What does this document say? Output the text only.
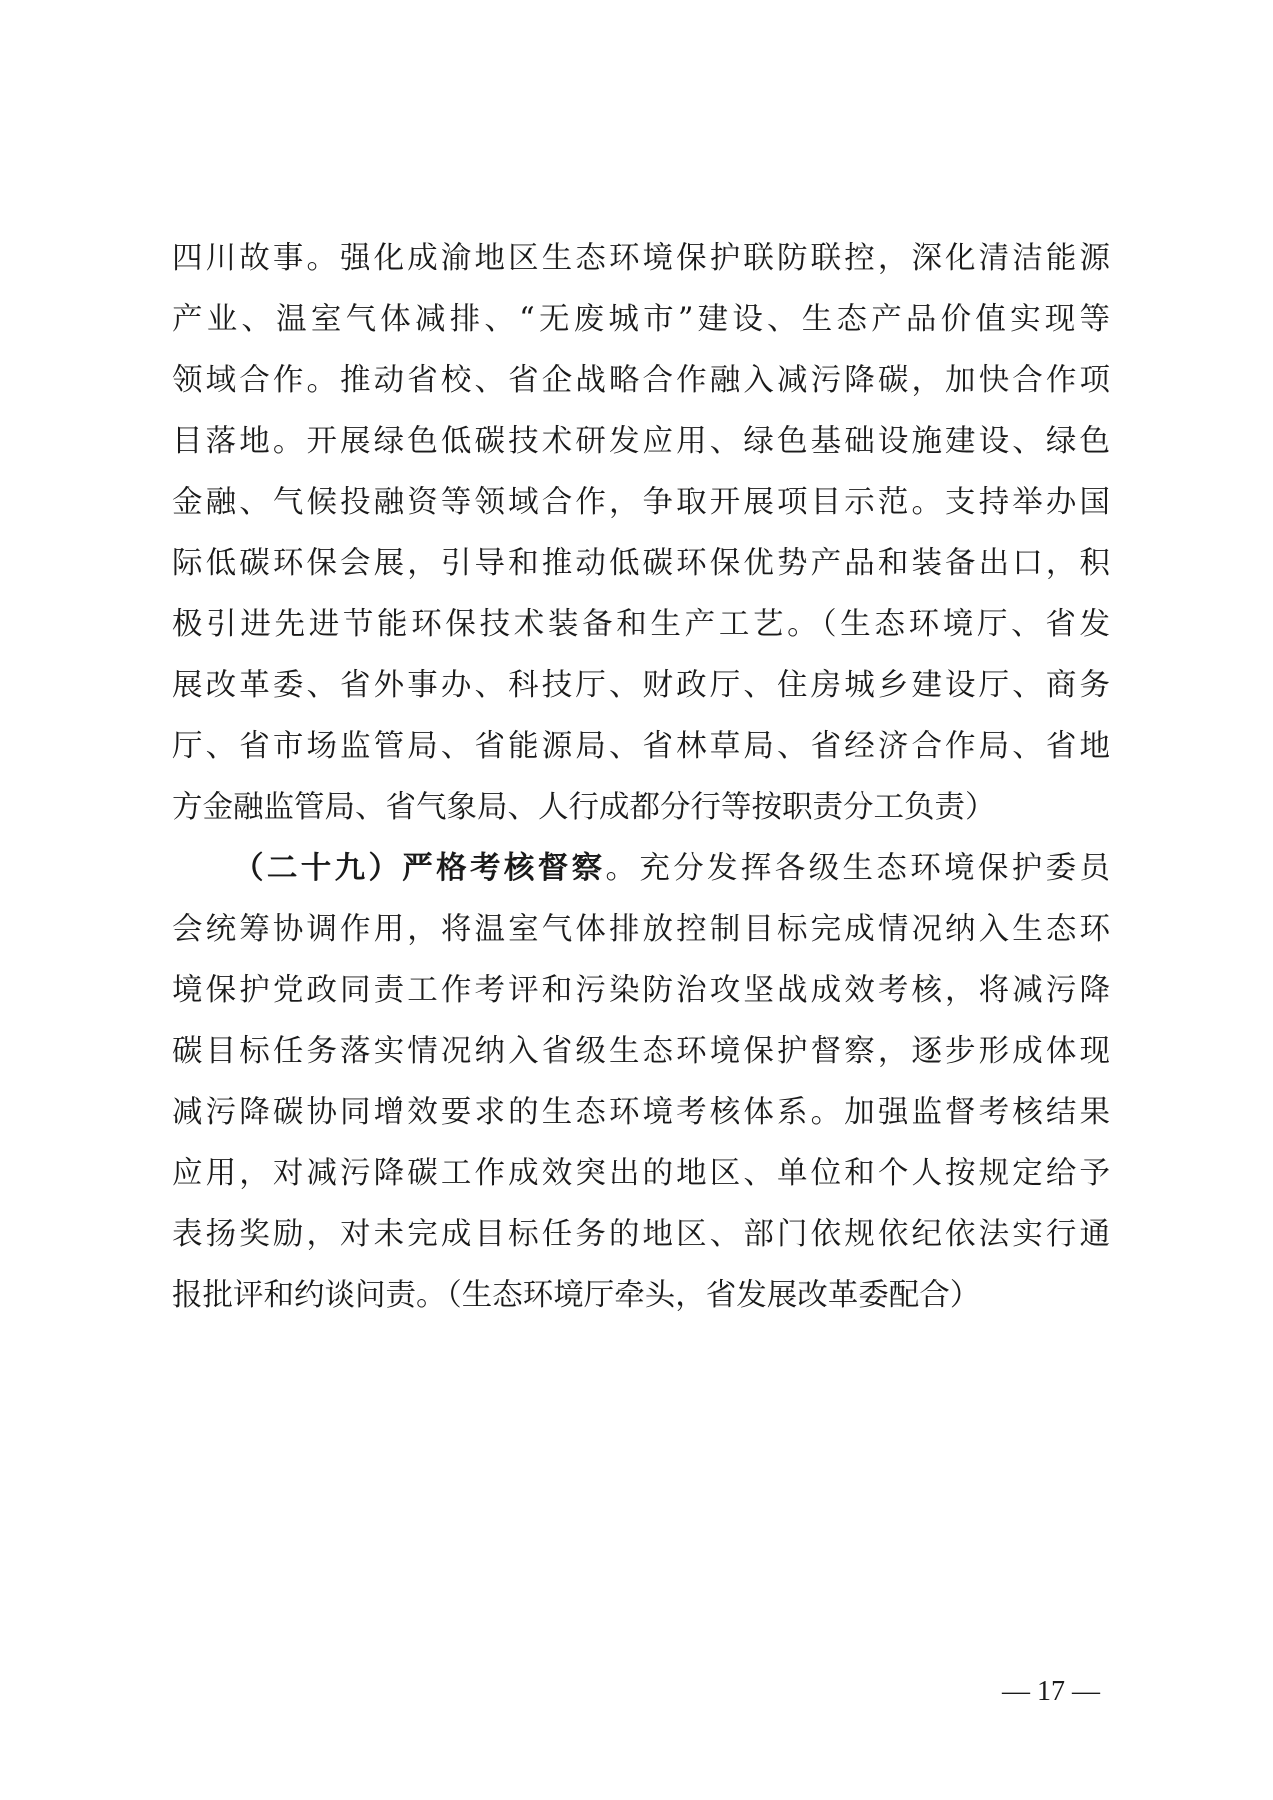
四川故事。强化成渝地区生态环境保护联防联控，深化清洁能源
产业、温室气体减排、“无废城市”建设、生态产品价值实现等
领域合作。推动省校、省企战略合作融入减污降碳，加快合作项
目落地。开展绿色低碳技术研发应用、绿色基础设施建设、绿色
金融、气候投融资等领域合作，争取开展项目示范。支持举办国
际低碳环保会展，引导和推动低碳环保优势产品和装备出口，积
极引进先进节能环保技术装备和生产工艺。（生态环境厅、省发
展改革委、省外事办、科技厅、财政厅、住房城乡建设厅、商务
厅、省市场监管局、省能源局、省林草局、省经济合作局、省地
方金融监管局、省气象局、人行成都分行等按职责分工负责）
（二十九）严格考核督察。充分发挥各级生态环境保护委员
会统筹协调作用，将温室气体排放控制目标完成情况纳入生态环
境保护党政同责工作考评和污染防治攻坚战成效考核，将减污降
碳目标任务落实情况纳入省级生态环境保护督察，逐步形成体现
减污降碳协同增效要求的生态环境考核体系。加强监督考核结果
应用，对减污降碳工作成效突出的地区、单位和个人按规定给予
表扬奖励，对未完成目标任务的地区、部门依规依纪依法实行通
报批评和约谈问责。（生态环境厅牵头，省发展改革委配合）
— 17 —
